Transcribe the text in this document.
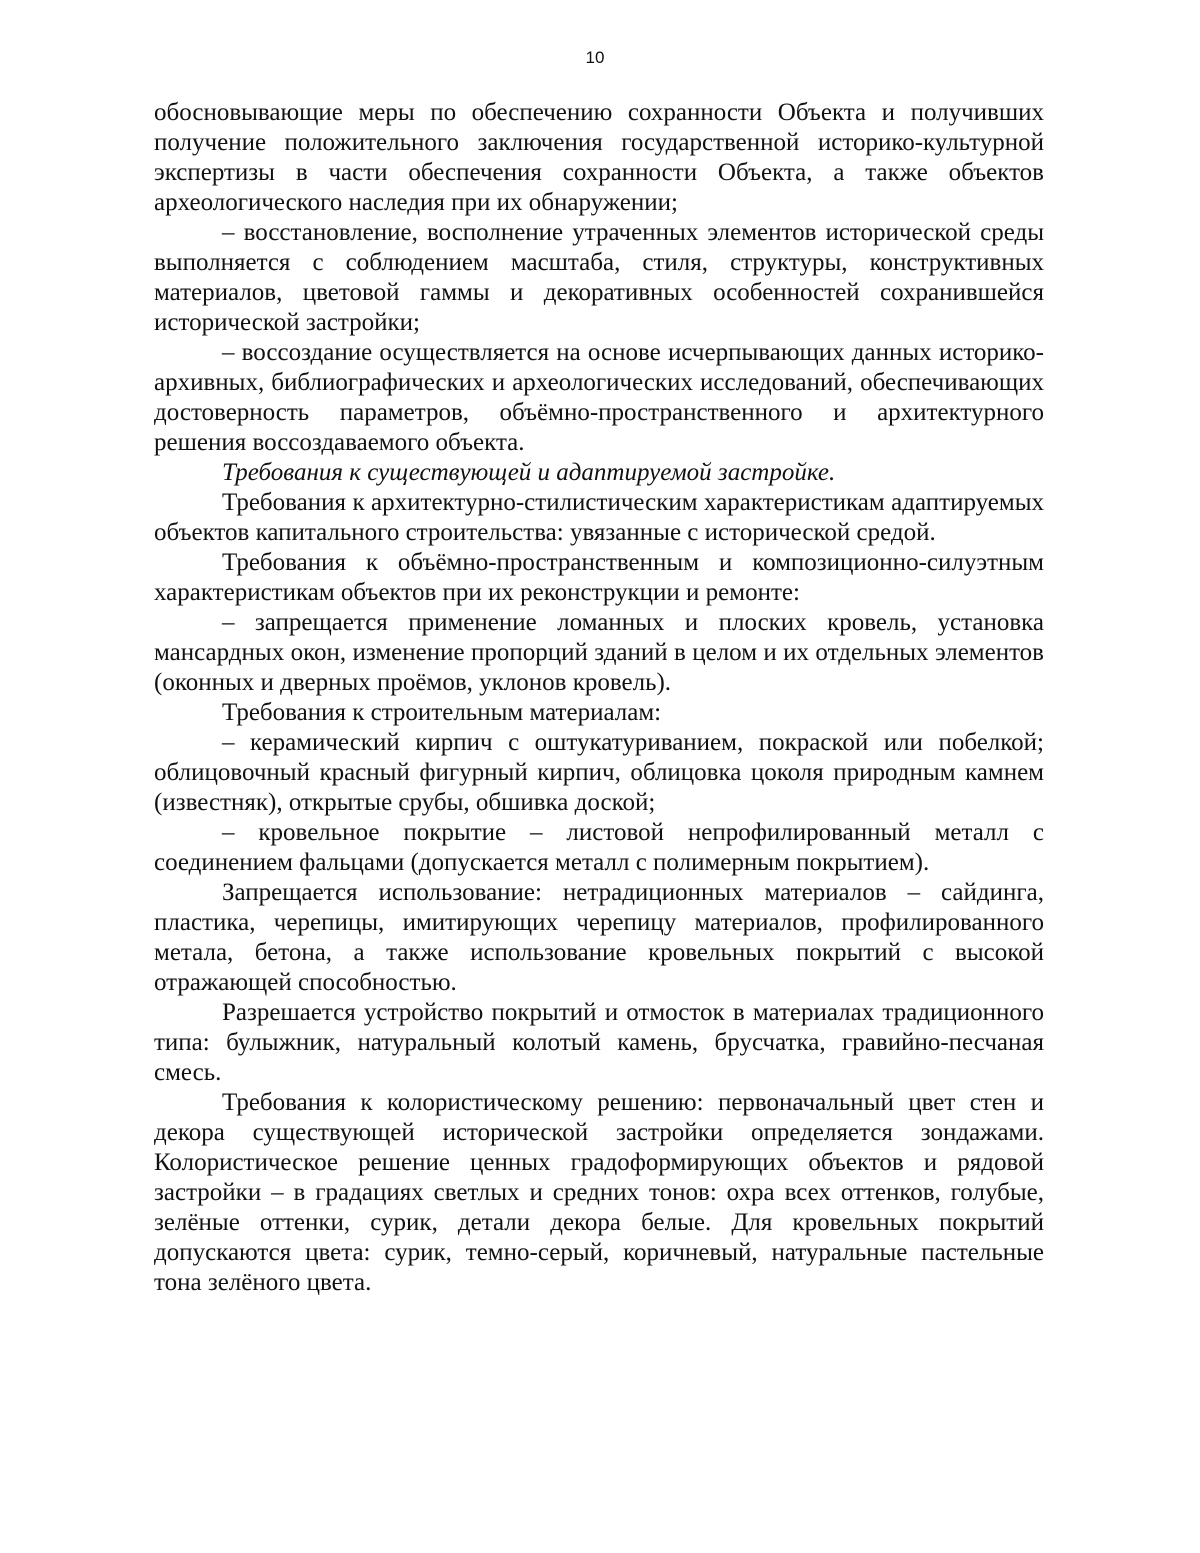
10

обосновывающие меры по обеспечению сохранности Объекта и получивших получение положительного заключения государственной историко-культурной экспертизы в части обеспечения сохранности Объекта, а также объектов археологического наследия при их обнаружении;

– восстановление, восполнение утраченных элементов исторической среды выполняется с соблюдением масштаба, стиля, структуры, конструктивных материалов, цветовой гаммы и декоративных особенностей сохранившейся исторической застройки;

– воссоздание осуществляется на основе исчерпывающих данных историко-архивных, библиографических и археологических исследований, обеспечивающих достоверность параметров, объёмно-пространственного и архитектурного решения воссоздаваемого объекта.

Требования к существующей и адаптируемой застройке.

Требования к архитектурно-стилистическим характеристикам адаптируемых объектов капитального строительства: увязанные с исторической средой.

Требования к объёмно-пространственным и композиционно-силуэтным характеристикам объектов при их реконструкции и ремонте:

– запрещается применение ломанных и плоских кровель, установка мансардных окон, изменение пропорций зданий в целом и их отдельных элементов (оконных и дверных проёмов, уклонов кровель).

Требования к строительным материалам:

– керамический кирпич с оштукатуриванием, покраской или побелкой; облицовочный красный фигурный кирпич, облицовка цоколя природным камнем (известняк), открытые срубы, обшивка доской;

– кровельное покрытие – листовой непрофилированный металл с соединением фальцами (допускается металл с полимерным покрытием).

Запрещается использование: нетрадиционных материалов – сайдинга, пластика, черепицы, имитирующих черепицу материалов, профилированного метала, бетона, а также использование кровельных покрытий с высокой отражающей способностью.

Разрешается устройство покрытий и отмосток в материалах традиционного типа: булыжник, натуральный колотый камень, брусчатка, гравийно-песчаная смесь.

Требования к колористическому решению: первоначальный цвет стен и декора существующей исторической застройки определяется зондажами. Колористическое решение ценных градоформирующих объектов и рядовой застройки – в градациях светлых и средних тонов: охра всех оттенков, голубые, зелёные оттенки, сурик, детали декора белые. Для кровельных покрытий допускаются цвета: сурик, темно-серый, коричневый, натуральные пастельные тона зелёного цвета.
